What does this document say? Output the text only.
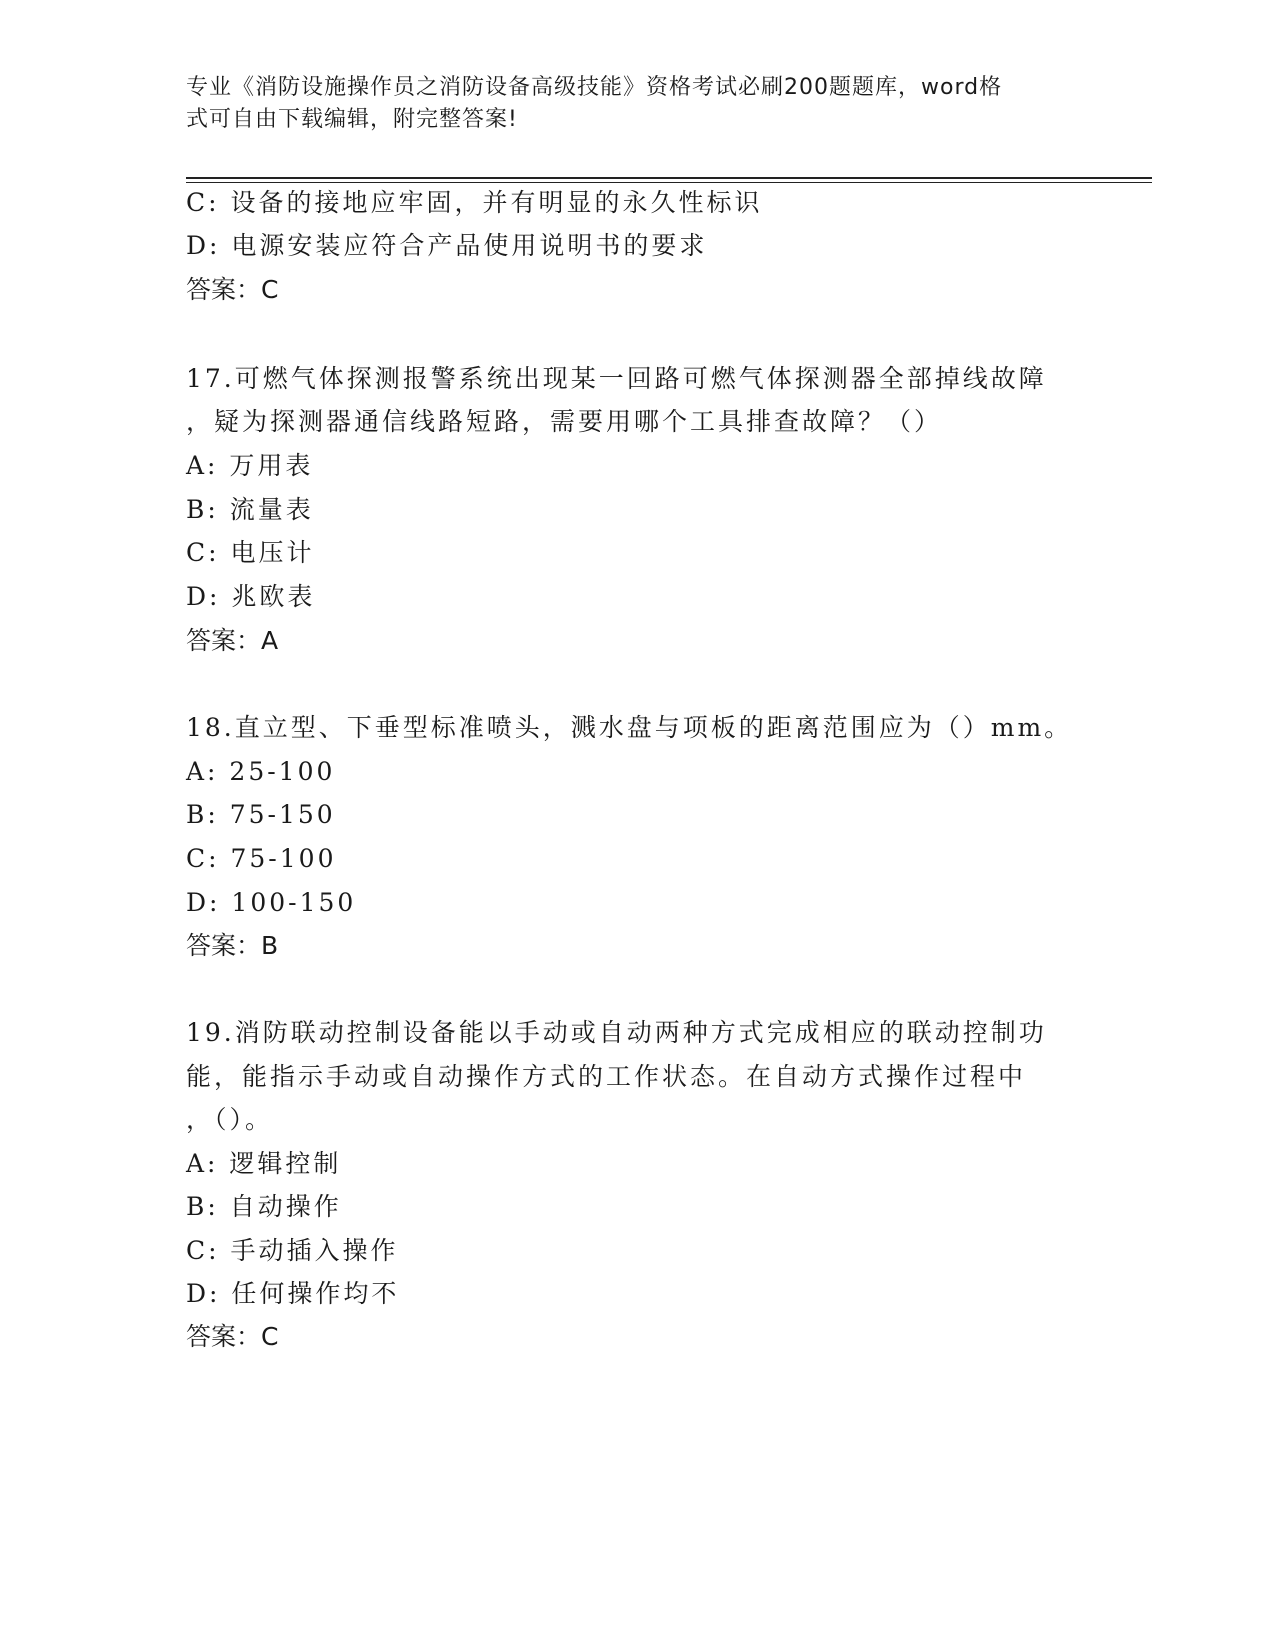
专业《消防设施操作员之消防设备高级技能》资格考试必刷200题题库，word格
式可自由下载编辑，附完整答案!
C: 设备的接地应牢固，并有明显的永久性标识
D: 电源安装应符合产品使用说明书的要求
答案：C
17.可燃气体探测报警系统出现某一回路可燃气体探测器全部掉线故障
，疑为探测器通信线路短路，需要用哪个工具排查故障？（）
A: 万用表
B: 流量表
C: 电压计
D: 兆欧表
答案：A
18.直立型、下垂型标准喷头，溅水盘与项板的距离范围应为（）mm。
A: 25-100
B: 75-150
C: 75-100
D: 100-150
答案：B
19.消防联动控制设备能以手动或自动两种方式完成相应的联动控制功
能，能指示手动或自动操作方式的工作状态。在自动方式操作过程中
，（）。
A: 逻辑控制
B: 自动操作
C: 手动插入操作
D: 任何操作均不
答案：C
